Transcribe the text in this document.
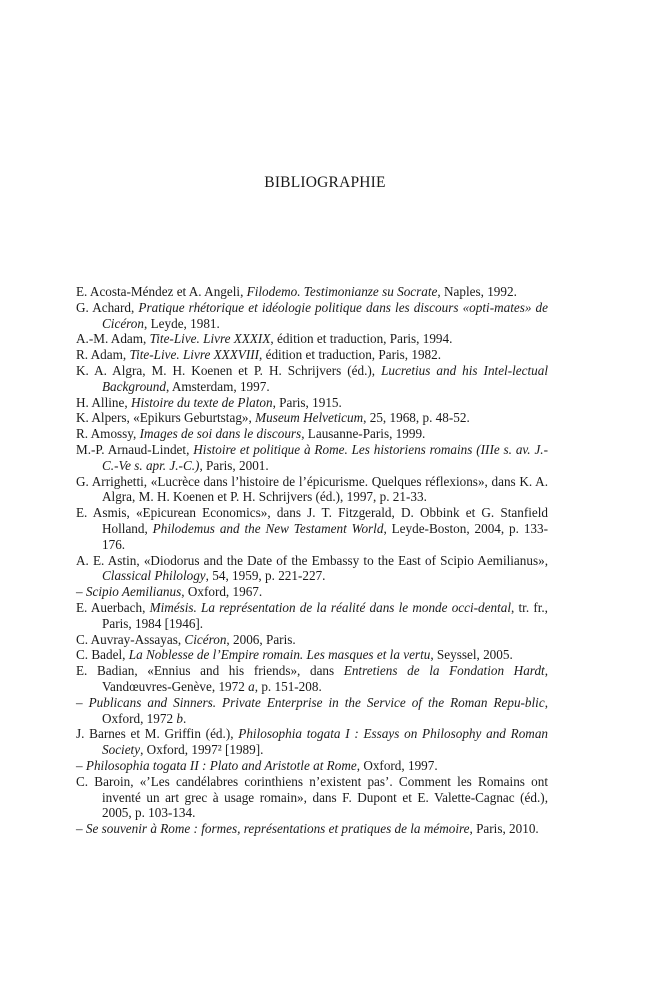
BIBLIOGRAPHIE
E. Acosta-Méndez et A. Angeli, Filodemo. Testimonianze su Socrate, Naples, 1992.
G. Achard, Pratique rhétorique et idéologie politique dans les discours «opti-mates» de Cicéron, Leyde, 1981.
A.-M. Adam, Tite-Live. Livre XXXIX, édition et traduction, Paris, 1994.
R. Adam, Tite-Live. Livre XXXVIII, édition et traduction, Paris, 1982.
K. A. Algra, M. H. Koenen et P. H. Schrijvers (éd.), Lucretius and his Intel-lectual Background, Amsterdam, 1997.
H. Alline, Histoire du texte de Platon, Paris, 1915.
K. Alpers, «Epikurs Geburtstag», Museum Helveticum, 25, 1968, p. 48-52.
R. Amossy, Images de soi dans le discours, Lausanne-Paris, 1999.
M.-P. Arnaud-Lindet, Histoire et politique à Rome. Les historiens romains (IIIe s. av. J.-C.-Ve s. apr. J.-C.), Paris, 2001.
G. Arrighetti, «Lucrèce dans l’histoire de l’épicurisme. Quelques réflexions», dans K. A. Algra, M. H. Koenen et P. H. Schrijvers (éd.), 1997, p. 21-33.
E. Asmis, «Epicurean Economics», dans J. T. Fitzgerald, D. Obbink et G. Stanfield Holland, Philodemus and the New Testament World, Leyde-Boston, 2004, p. 133-176.
A. E. Astin, «Diodorus and the Date of the Embassy to the East of Scipio Aemilianus», Classical Philology, 54, 1959, p. 221-227.
– Scipio Aemilianus, Oxford, 1967.
E. Auerbach, Mimésis. La représentation de la réalité dans le monde occi-dental, tr. fr., Paris, 1984 [1946].
C. Auvray-Assayas, Cicéron, 2006, Paris.
C. Badel, La Noblesse de l’Empire romain. Les masques et la vertu, Seyssel, 2005.
E. Badian, «Ennius and his friends», dans Entretiens de la Fondation Hardt, Vandœuvres-Genève, 1972 a, p. 151-208.
– Publicans and Sinners. Private Enterprise in the Service of the Roman Repu-blic, Oxford, 1972 b.
J. Barnes et M. Griffin (éd.), Philosophia togata I : Essays on Philosophy and Roman Society, Oxford, 1997² [1989].
– Philosophia togata II : Plato and Aristotle at Rome, Oxford, 1997.
C. Baroin, «’Les candélabres corinthiens n’existent pas’. Comment les Romains ont inventé un art grec à usage romain», dans F. Dupont et E. Valette-Cagnac (éd.), 2005, p. 103-134.
– Se souvenir à Rome : formes, représentations et pratiques de la mémoire, Paris, 2010.
